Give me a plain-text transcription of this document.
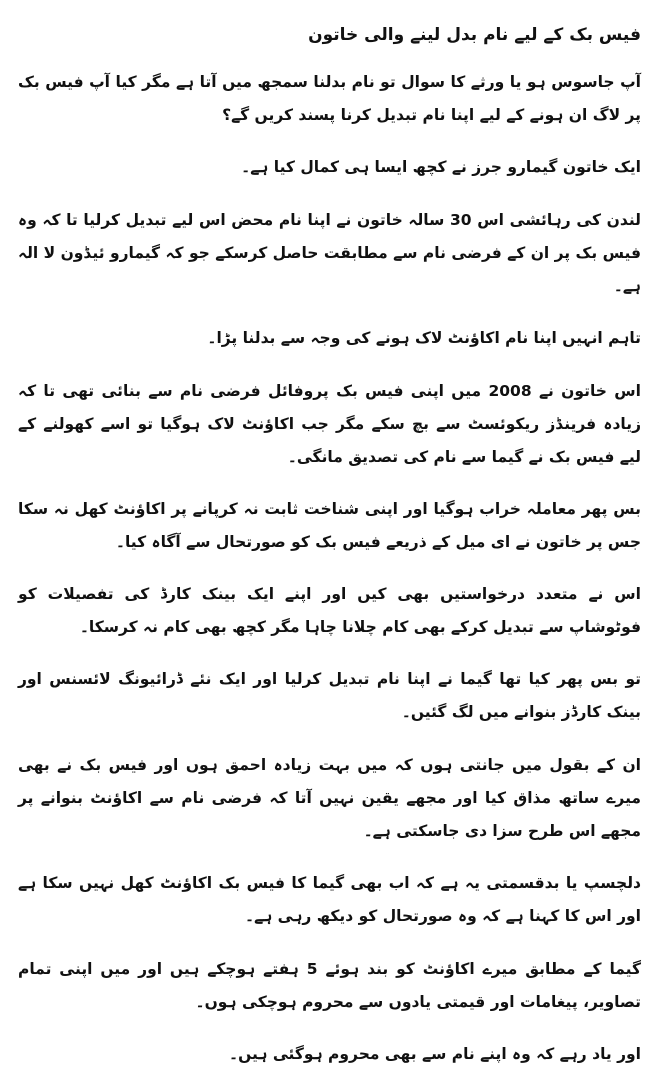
فیس بک کے لیے نام بدل لینے والی خاتون
آپ جاسوس ہو یا ورثے کا سوال تو نام بدلنا سمجھ میں آتا ہے مگر کیا آپ فیس بک پر لاگ ان ہونے کے لیے اپنا نام تبدیل کرنا پسند کریں گے؟
ایک خاتون گیمارو جرز نے کچھ ایسا ہی کمال کیا ہے۔
لندن کی رہائشی اس 30 سالہ خاتون نے اپنا نام محض اس لیے تبدیل کرلیا تا کہ وہ فیس بک پر ان کے فرضی نام سے مطابقت حاصل کرسکے جو کہ گیمارو ئیڈون لا الہ ہے۔
تاہم انہیں اپنا نام اکاؤنٹ لاک ہونے کی وجہ سے بدلنا پڑا۔
اس خاتون نے 2008 میں اپنی فیس بک پروفائل فرضی نام سے بنائی تھی تا کہ زیادہ فرینڈز ریکوئسٹ سے بچ سکے مگر جب اکاؤنٹ لاک ہوگیا تو اسے کھولنے کے لیے فیس بک نے گیما سے نام کی تصدیق مانگی۔
بس پھر معاملہ خراب ہوگیا اور اپنی شناخت ثابت نہ کرپانے پر اکاؤنٹ کھل نہ سکا جس پر خاتون نے ای میل کے ذریعے فیس بک کو صورتحال سے آگاہ کیا۔
اس نے متعدد درخواستیں بھی کیں اور اپنے ایک بینک کارڈ کی تفصیلات کو فوٹوشاپ سے تبدیل کرکے بھی کام چلانا چاہا مگر کچھ بھی کام نہ کرسکا۔
تو بس پھر کیا تھا گیما نے اپنا نام تبدیل کرلیا اور ایک نئے ڈرائیونگ لائسنس اور بینک کارڈز بنوانے میں لگ گئیں۔
ان کے بقول میں جانتی ہوں کہ میں بہت زیادہ احمق ہوں اور فیس بک نے بھی میرے ساتھ مذاق کیا اور مجھے یقین نہیں آتا کہ فرضی نام سے اکاؤنٹ بنوانے پر مجھے اس طرح سزا دی جاسکتی ہے۔
دلچسپ یا بدقسمتی یہ ہے کہ اب بھی گیما کا فیس بک اکاؤنٹ کھل نہیں سکا ہے اور اس کا کہنا ہے کہ وہ صورتحال کو دیکھ رہی ہے۔
گیما کے مطابق میرے اکاؤنٹ کو بند ہوئے 5 ہفتے ہوچکے ہیں اور میں اپنی تمام تصاویر، پیغامات اور قیمتی یادوں سے محروم ہوچکی ہوں۔
اور یاد رہے کہ وہ اپنے نام سے بھی محروم ہوگئی ہیں۔
